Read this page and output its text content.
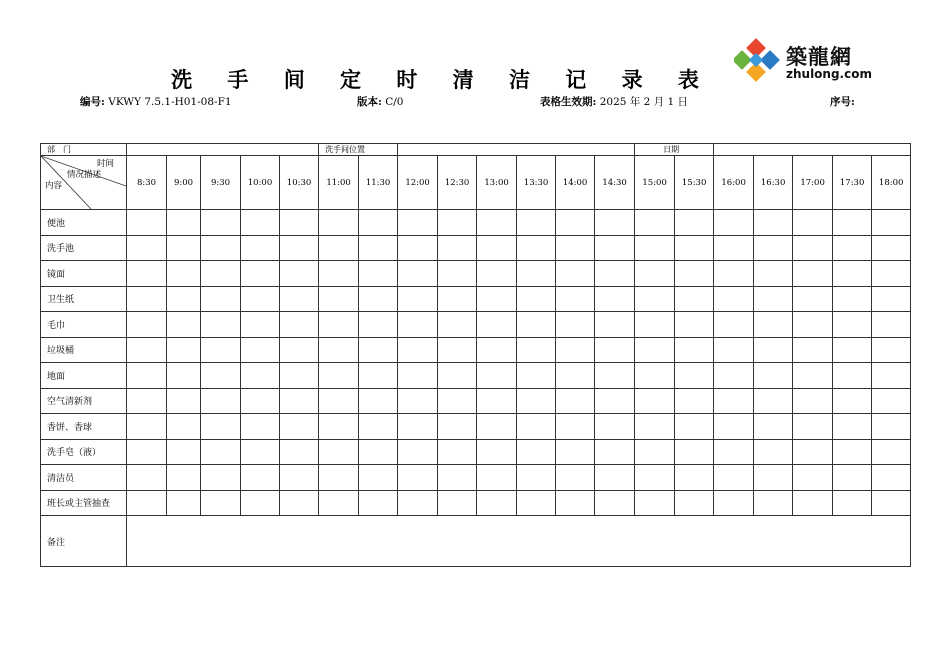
築龍網
zhulong.com
洗 手 间 定 时 清 洁 记 录 表
编号: VKWY 7.5.1-H01-08-F1	版本: C/0	表格生效期: 2025 年 2 月 1 日	序号:
部　门						洗手间位置								日期						

时间
情况描述
内容	8:30	9:00	9:30	10:00	10:30	11:00	11:30	12:00	12:30	13:00	13:30	14:00	14:30	15:00	15:30	16:00	16:30	17:00	17:30	18:00
便池																				
洗手池																				
镜面																				
卫生纸																				
毛巾																				
垃圾桶																				
地面																				
空气清新剂																				
香饼、香球																				
洗手皂（液）																				
清洁员																				
班长或主管抽查																				
备注																				
